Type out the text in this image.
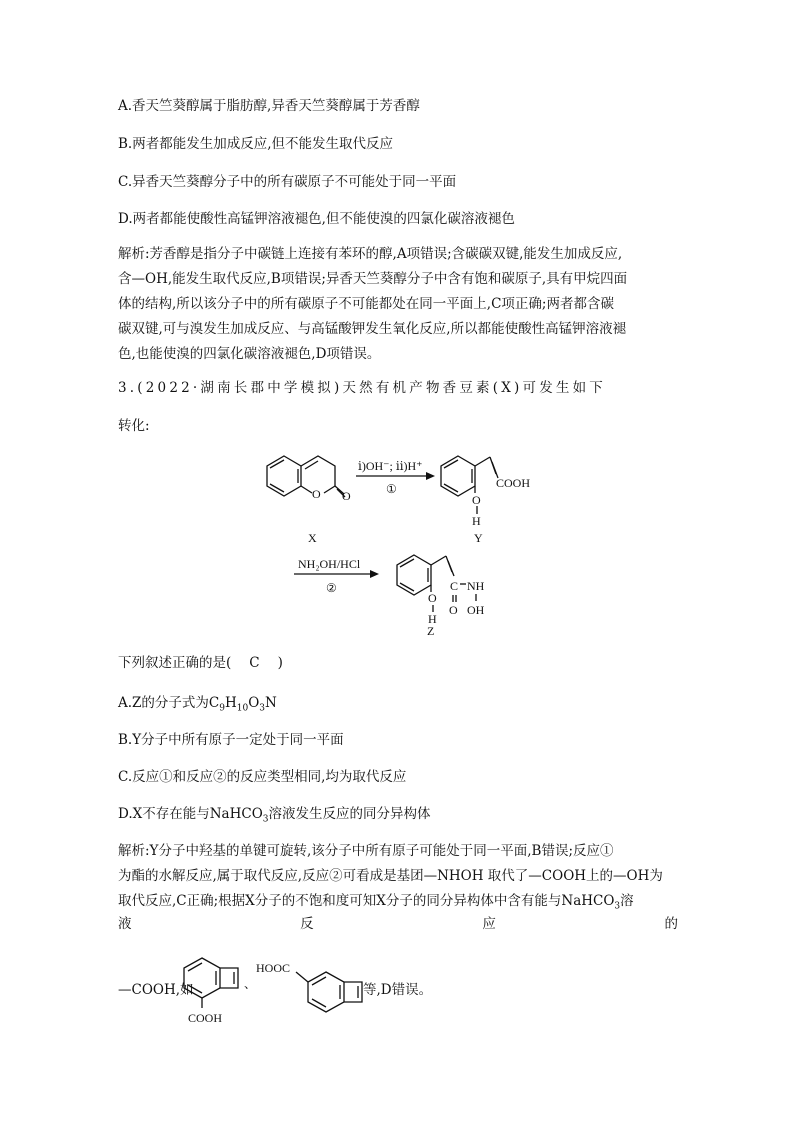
A.香天竺葵醇属于脂肪醇,异香天竺葵醇属于芳香醇
B.两者都能发生加成反应,但不能发生取代反应
C.异香天竺葵醇分子中的所有碳原子不可能处于同一平面
D.两者都能使酸性高锰钾溶液褪色,但不能使溴的四氯化碳溶液褪色
解析:芳香醇是指分子中碳链上连接有苯环的醇,A项错误;含碳碳双键,能发生加成反应,
含—OH,能发生取代反应,B项错误;异香天竺葵醇分子中含有饱和碳原子,具有甲烷四面
体的结构,所以该分子中的所有碳原子不可能都处在同一平面上,C项正确;两者都含碳
碳双键,可与溴发生加成反应、与高锰酸钾发生氧化反应,所以都能使酸性高锰钾溶液褪
色,也能使溴的四氯化碳溶液褪色,D项错误。
3.(2022·湖南长郡中学模拟)天然有机产物香豆素(X)可发生如下
转化:
O O
ⅰ)OH⁻; ⅱ)H⁺
①	COOH
O
H
X	Y
NH₂OH/HCl
②
O
H
C NH
O OH
Z
下列叙述正确的是( C )
A.Z的分子式为$C_9H_{10}O_3N$
B.Y分子中所有原子一定处于同一平面
C.反应①和反应②的反应类型相同,均为取代反应
D.X不存在能与NaHCO$_3$溶液发生反应的同分异构体
解析:Y分子中羟基的单键可旋转,该分子中所有原子可能处于同一平面,B错误;反应①
为酯的水解反应,属于取代反应,反应②可看成是基团—NHOH 取代了—COOH上的—OH为
取代反应,C正确;根据X分子的不饱和度可知X分子的同分异构体中含有能与NaHCO$_3$溶
液	反	应	的
—COOH,如
COOH
、
HOOC
等,D错误。
